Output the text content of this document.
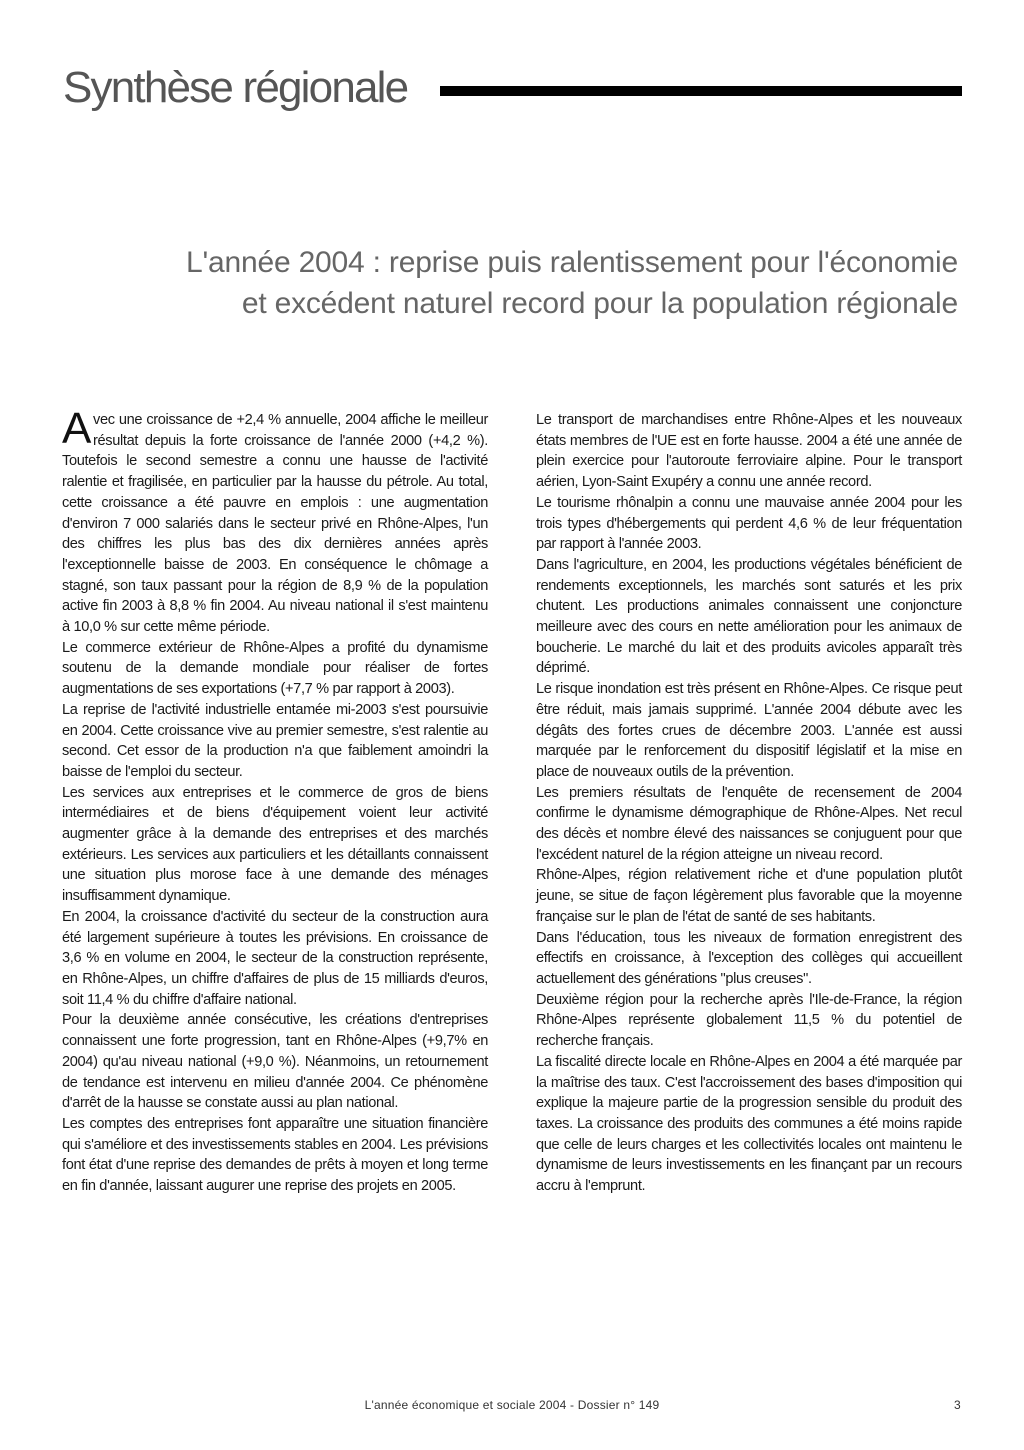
Synthèse régionale
L'année 2004 : reprise puis ralentissement pour l'économie
et excédent naturel record pour la population régionale

Avec une croissance de +2,4 % annuelle, 2004 affiche le meilleur résultat depuis la forte croissance de l'année 2000 (+4,2 %). Toutefois le second semestre a connu une hausse de l'activité ralentie et fragilisée, en particulier par la hausse du pétrole. Au total, cette croissance a été pauvre en emplois : une augmentation d'environ 7 000 salariés dans le secteur privé en Rhône-Alpes, l'un des chiffres les plus bas des dix dernières années après l'exceptionnelle baisse de 2003. En conséquence le chômage a stagné, son taux passant pour la région de 8,9 % de la population active fin 2003 à 8,8 % fin 2004. Au niveau national il s'est maintenu à 10,0 % sur cette même période.

Le commerce extérieur de Rhône-Alpes a profité du dynamisme soutenu de la demande mondiale pour réaliser de fortes augmentations de ses exportations (+7,7 % par rapport à 2003).

La reprise de l'activité industrielle entamée mi-2003 s'est poursuivie en 2004. Cette croissance vive au premier semestre, s'est ralentie au second. Cet essor de la production n'a que faiblement amoindri la baisse de l'emploi du secteur.

Les services aux entreprises et le commerce de gros de biens intermédiaires et de biens d'équipement voient leur activité augmenter grâce à la demande des entreprises et des marchés extérieurs. Les services aux particuliers et les détaillants connaissent une situation plus morose face à une demande des ménages insuffisamment dynamique.

En 2004, la croissance d'activité du secteur de la construction aura été largement supérieure à toutes les prévisions. En croissance de 3,6 % en volume en 2004, le secteur de la construction représente, en Rhône-Alpes, un chiffre d'affaires de plus de 15 milliards d'euros, soit 11,4 % du chiffre d'affaire national.

Pour la deuxième année consécutive, les créations d'entreprises connaissent une forte progression, tant en Rhône-Alpes (+9,7% en 2004) qu'au niveau national (+9,0 %). Néanmoins, un retournement de tendance est intervenu en milieu d'année 2004. Ce phénomène d'arrêt de la hausse se constate aussi au plan national.

Les comptes des entreprises font apparaître une situation financière qui s'améliore et des investissements stables en 2004. Les prévisions font état d'une reprise des demandes de prêts à moyen et long terme en fin d'année, laissant augurer une reprise des projets en 2005.

Le transport de marchandises entre Rhône-Alpes et les nouveaux états membres de l'UE est en forte hausse. 2004 a été une année de plein exercice pour l'autoroute ferroviaire alpine. Pour le transport aérien, Lyon-Saint Exupéry a connu une année record.

Le tourisme rhônalpin a connu une mauvaise année 2004 pour les trois types d'hébergements qui perdent 4,6 % de leur fréquentation par rapport à l'année 2003.

Dans l'agriculture, en 2004, les productions végétales bénéficient de rendements exceptionnels, les marchés sont saturés et les prix chutent. Les productions animales connaissent une conjoncture meilleure avec des cours en nette amélioration pour les animaux de boucherie. Le marché du lait et des produits avicoles apparaît très déprimé.

Le risque inondation est très présent en Rhône-Alpes. Ce risque peut être réduit, mais jamais supprimé. L'année 2004 débute avec les dégâts des fortes crues de décembre 2003. L'année est aussi marquée par le renforcement du dispositif législatif et la mise en place de nouveaux outils de la prévention.

Les premiers résultats de l'enquête de recensement de 2004 confirme le dynamisme démographique de Rhône-Alpes. Net recul des décès et nombre élevé des naissances se conjuguent pour que l'excédent naturel de la région atteigne un niveau record.

Rhône-Alpes, région relativement riche et d'une population plutôt jeune, se situe de façon légèrement plus favorable que la moyenne française sur le plan de l'état de santé de ses habitants.

Dans l'éducation, tous les niveaux de formation enregistrent des effectifs en croissance, à l'exception des collèges qui accueillent actuellement des générations "plus creuses".

Deuxième région pour la recherche après l'Ile-de-France, la région Rhône-Alpes représente globalement 11,5 % du potentiel de recherche français.

La fiscalité directe locale en Rhône-Alpes en 2004 a été marquée par la maîtrise des taux. C'est l'accroissement des bases d'imposition qui explique la majeure partie de la progression sensible du produit des taxes. La croissance des produits des communes a été moins rapide que celle de leurs charges et les collectivités locales ont maintenu le dynamisme de leurs investissements en les finançant par un recours accru à l'emprunt.

L'année économique et sociale 2004 - Dossier n° 149	3
